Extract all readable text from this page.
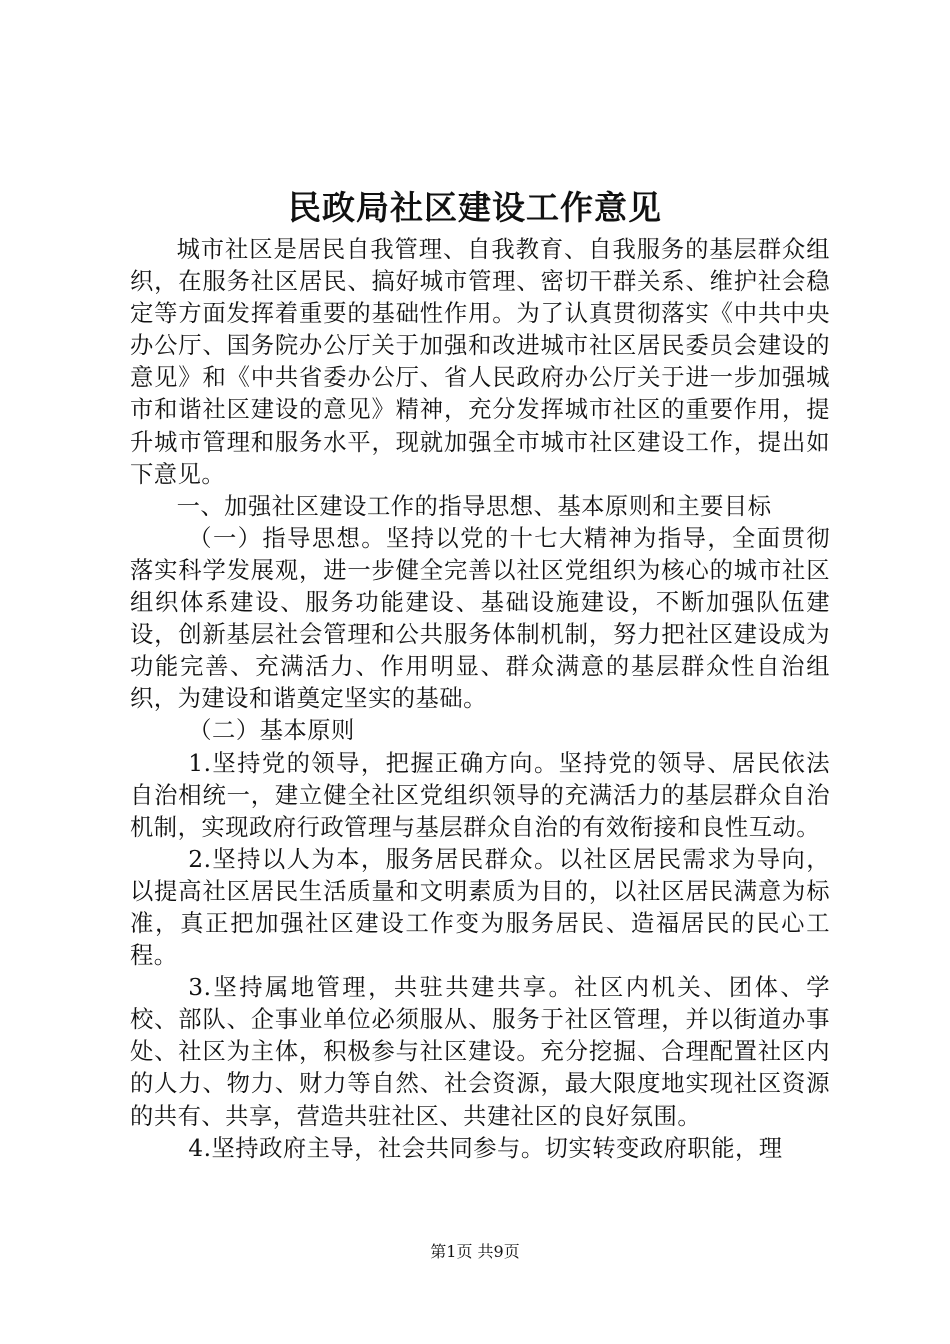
民政局社区建设工作意见

城市社区是居民自我管理、自我教育、自我服务的基层群众组织，在服务社区居民、搞好城市管理、密切干群关系、维护社会稳定等方面发挥着重要的基础性作用。为了认真贯彻落实《中共中央办公厅、国务院办公厅关于加强和改进城市社区居民委员会建设的意见》和《中共省委办公厅、省人民政府办公厅关于进一步加强城市和谐社区建设的意见》精神，充分发挥城市社区的重要作用，提升城市管理和服务水平，现就加强全市城市社区建设工作，提出如下意见。

一、加强社区建设工作的指导思想、基本原则和主要目标

（一）指导思想。坚持以党的十七大精神为指导，全面贯彻落实科学发展观，进一步健全完善以社区党组织为核心的城市社区组织体系建设、服务功能建设、基础设施建设，不断加强队伍建设，创新基层社会管理和公共服务体制机制，努力把社区建设成为功能完善、充满活力、作用明显、群众满意的基层群众性自治组织，为建设和谐奠定坚实的基础。

（二）基本原则

1.坚持党的领导，把握正确方向。坚持党的领导、居民依法自治相统一，建立健全社区党组织领导的充满活力的基层群众自治机制，实现政府行政管理与基层群众自治的有效衔接和良性互动。

2.坚持以人为本，服务居民群众。以社区居民需求为导向，以提高社区居民生活质量和文明素质为目的，以社区居民满意为标准，真正把加强社区建设工作变为服务居民、造福居民的民心工程。

3.坚持属地管理，共驻共建共享。社区内机关、团体、学校、部队、企事业单位必须服从、服务于社区管理，并以街道办事处、社区为主体，积极参与社区建设。充分挖掘、合理配置社区内的人力、物力、财力等自然、社会资源，最大限度地实现社区资源的共有、共享，营造共驻社区、共建社区的良好氛围。

4.坚持政府主导，社会共同参与。切实转变政府职能，理

第1页 共9页
